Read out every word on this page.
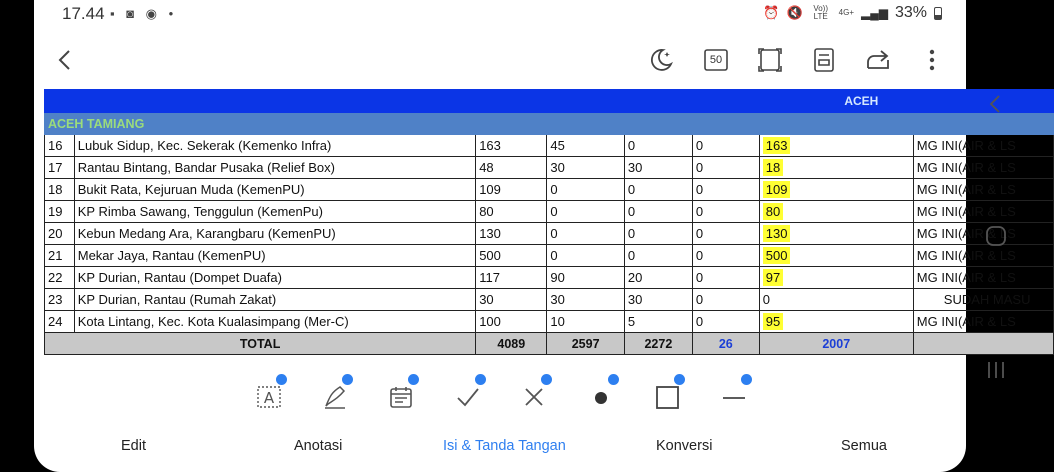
17.44 ▪ ◙ ◉ •	⏰ 🔇	Vo)) LTE	4G+ ▂▄▆ 33%
50
					ACEH		
ACEH TAMIANG							
16	Lubuk Sidup, Kec. Sekerak (Kemenko Infra)	163	45	0	0	163	MG INI(AIR & LS
17	Rantau Bintang, Bandar Pusaka (Relief Box)	48	30	30	0	18	MG INI(AIR & LS
18	Bukit Rata, Kejuruan Muda (KemenPU)	109	0	0	0	109	MG INI(AIR & LS
19	KP Rimba Sawang, Tenggulun (KemenPu)	80	0	0	0	80	MG INI(AIR & LS
20	Kebun Medang Ara, Karangbaru (KemenPU)	130	0	0	0	130	MG INI(AIR & LS
21	Mekar Jaya, Rantau (KemenPU)	500	0	0	0	500	MG INI(AIR & LS
22	KP Durian, Rantau (Dompet Duafa)	117	90	20	0	97	MG INI(AIR & LS
23	KP Durian, Rantau (Rumah Zakat)	30	30	30	0	0	SUDAH MASU
24	Kota Lintang, Kec. Kota Kualasimpang (Mer-C)	100	10	5	0	95	MG INI(AIR & LS
TOTAL		4089	2597	2272	26	2007	
A
Edit	Anotasi	Isi & Tanda Tangan	Konversi	Semua
